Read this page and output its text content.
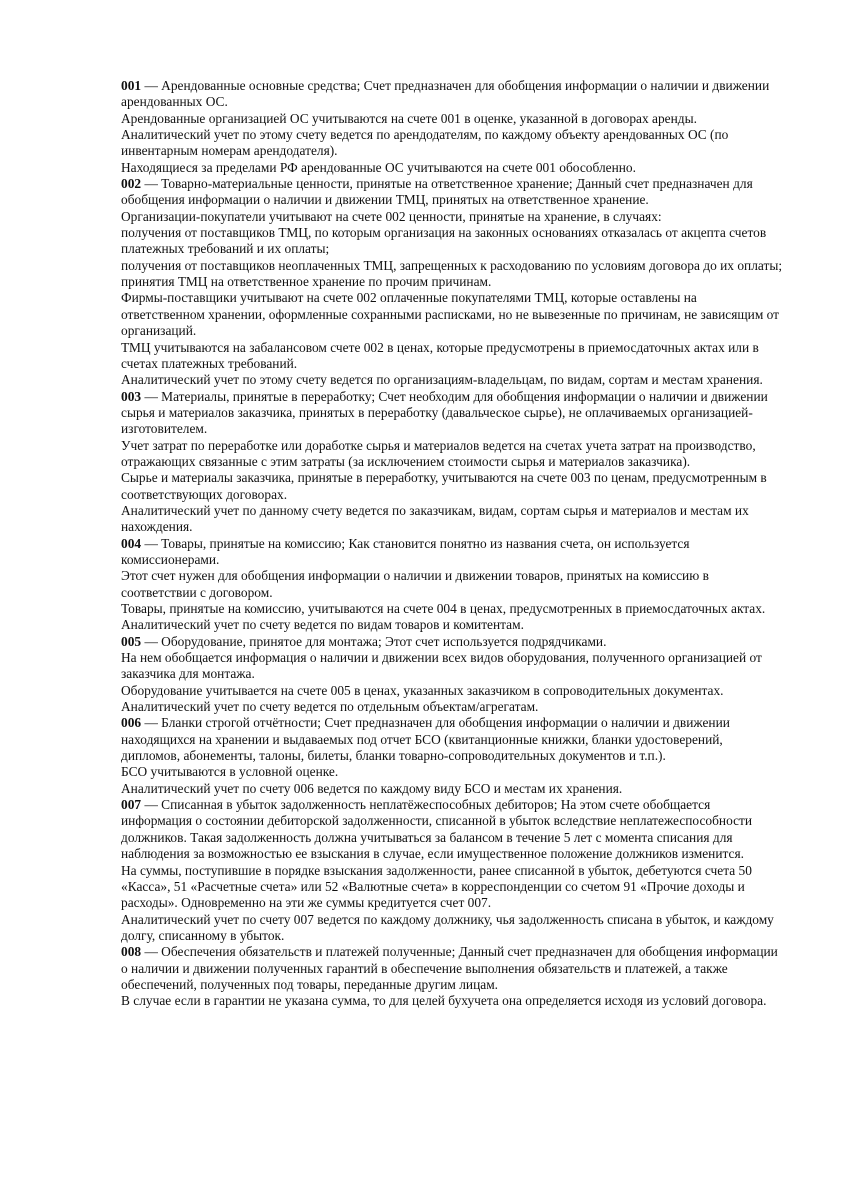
001 — Арендованные основные средства; Счет предназначен для обобщения информации о наличии и движении арендованных ОС.

Арендованные организацией ОС учитываются на счете 001 в оценке, указанной в договорах аренды.

Аналитический учет по этому счету ведется по арендодателям, по каждому объекту арендованных ОС (по инвентарным номерам арендодателя).

Находящиеся за пределами РФ арендованные ОС учитываются на счете 001 обособленно.

002 — Товарно-материальные ценности, принятые на ответственное хранение; Данный счет предназначен для обобщения информации о наличии и движении ТМЦ, принятых на ответственное хранение.

Организации-покупатели учитывают на счете 002 ценности, принятые на хранение, в случаях:

получения от поставщиков ТМЦ, по которым организация на законных основаниях отказалась от акцепта счетов платежных требований и их оплаты;

получения от поставщиков неоплаченных ТМЦ, запрещенных к расходованию по условиям договора до их оплаты;

принятия ТМЦ на ответственное хранение по прочим причинам.

Фирмы-поставщики учитывают на счете 002 оплаченные покупателями ТМЦ, которые оставлены на ответственном хранении, оформленные сохранными расписками, но не вывезенные по причинам, не зависящим от организаций.

ТМЦ учитываются на забалансовом счете 002 в ценах, которые предусмотрены в приемосдаточных актах или в счетах платежных требований.

Аналитический учет по этому счету ведется по организациям-владельцам, по видам, сортам и местам хранения.

003 — Материалы, принятые в переработку; Счет необходим для обобщения информации о наличии и движении сырья и материалов заказчика, принятых в переработку (давальческое сырье), не оплачиваемых организацией-изготовителем.

Учет затрат по переработке или доработке сырья и материалов ведется на счетах учета затрат на производство, отражающих связанные с этим затраты (за исключением стоимости сырья и материалов заказчика).

Сырье и материалы заказчика, принятые в переработку, учитываются на счете 003 по ценам, предусмотренным в соответствующих договорах.

Аналитический учет по данному счету ведется по заказчикам, видам, сортам сырья и материалов и местам их нахождения.

004 — Товары, принятые на комиссию; Как становится понятно из названия счета, он используется комиссионерами.

Этот счет нужен для обобщения информации о наличии и движении товаров, принятых на комиссию в соответствии с договором.

Товары, принятые на комиссию, учитываются на счете 004 в ценах, предусмотренных в приемосдаточных актах.

Аналитический учет по счету ведется по видам товаров и комитентам.

005 — Оборудование, принятое для монтажа; Этот счет используется подрядчиками.

На нем обобщается информация о наличии и движении всех видов оборудования, полученного организацией от заказчика для монтажа.

Оборудование учитывается на счете 005 в ценах, указанных заказчиком в сопроводительных документах.

Аналитический учет по счету ведется по отдельным объектам/агрегатам.

006 — Бланки строгой отчётности; Счет предназначен для обобщения информации о наличии и движении находящихся на хранении и выдаваемых под отчет БСО (квитанционные книжки, бланки удостоверений, дипломов, абонементы, талоны, билеты, бланки товарно-сопроводительных документов и т.п.).

БСО учитываются в условной оценке.

Аналитический учет по счету 006 ведется по каждому виду БСО и местам их хранения.

007 — Списанная в убыток задолженность неплатёжеспособных дебиторов; На этом счете обобщается информация о состоянии дебиторской задолженности, списанной в убыток вследствие неплатежеспособности должников. Такая задолженность должна учитываться за балансом в течение 5 лет с момента списания для наблюдения за возможностью ее взыскания в случае, если имущественное положение должников изменится.

На суммы, поступившие в порядке взыскания задолженности, ранее списанной в убыток, дебетуются счета 50 «Касса», 51 «Расчетные счета» или 52 «Валютные счета» в корреспонденции со счетом 91 «Прочие доходы и расходы». Одновременно на эти же суммы кредитуется счет 007.

Аналитический учет по счету 007 ведется по каждому должнику, чья задолженность списана в убыток, и каждому долгу, списанному в убыток.

008 — Обеспечения обязательств и платежей полученные; Данный счет предназначен для обобщения информации о наличии и движении полученных гарантий в обеспечение выполнения обязательств и платежей, а также обеспечений, полученных под товары, переданные другим лицам.

В случае если в гарантии не указана сумма, то для целей бухучета она определяется исходя из условий договора.
